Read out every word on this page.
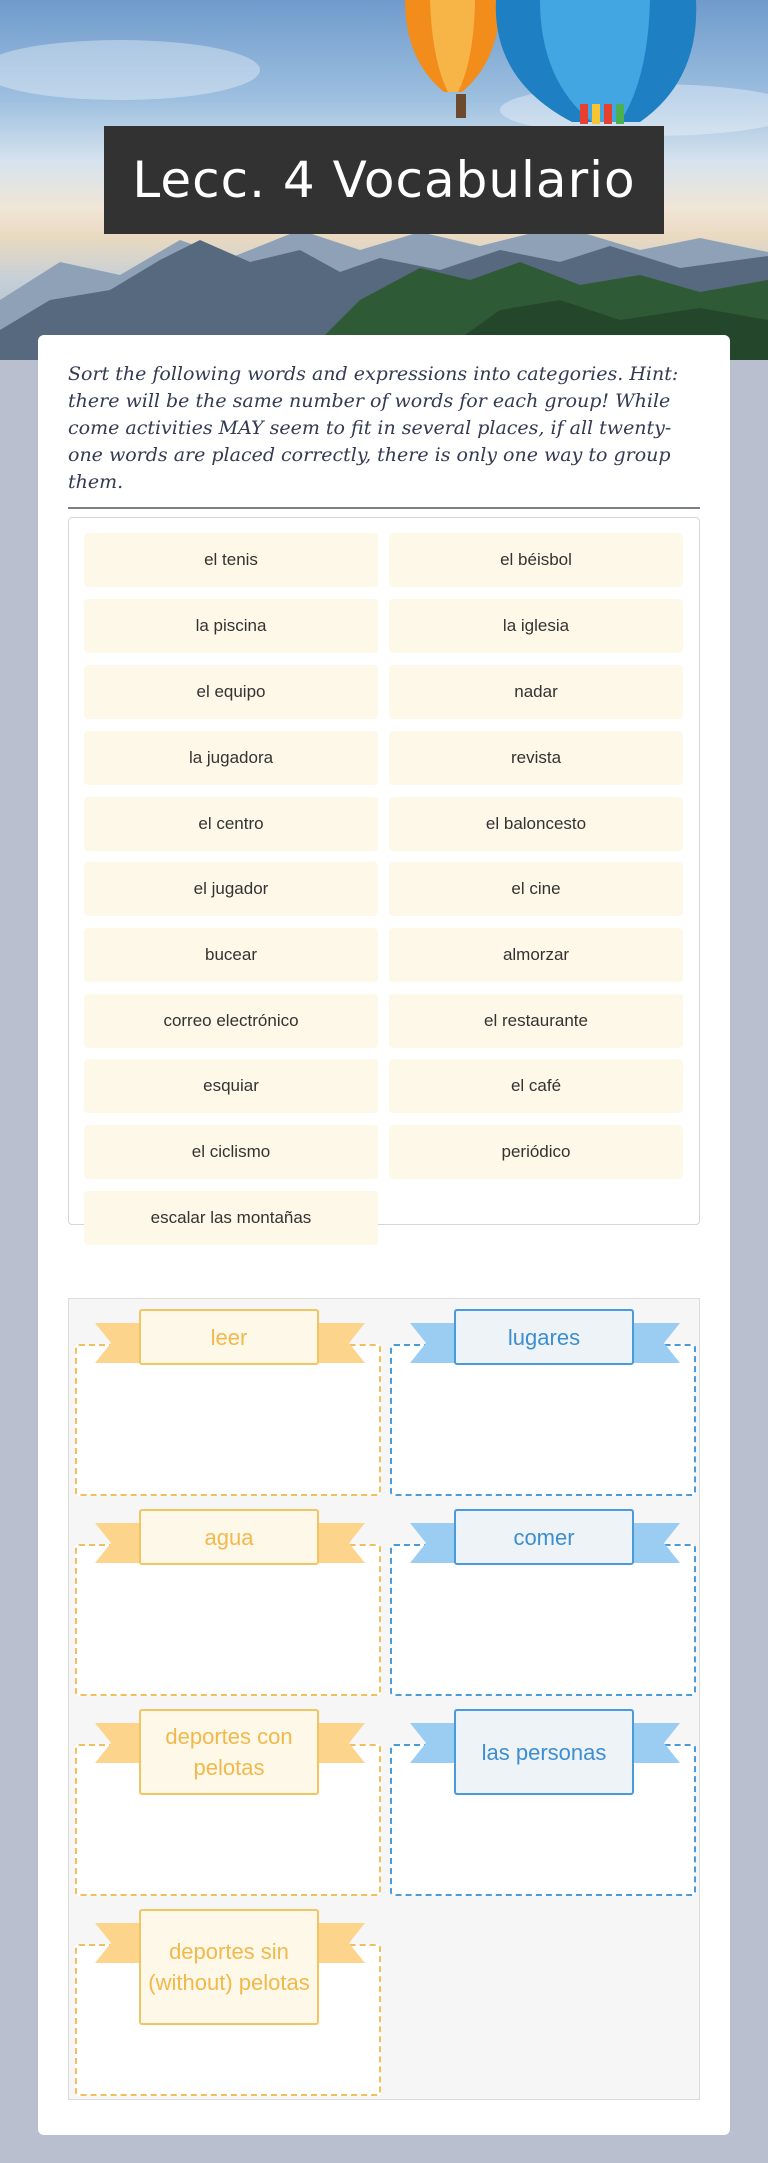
Lecc. 4 Vocabulario
Sort the following words and expressions into categories. Hint: there will be the same number of words for each group! While come activities MAY seem to fit in several places, if all twenty-one words are placed correctly, there is only one way to group them.
el tenis	el béisbol
la piscina	la iglesia
el equipo	nadar
la jugadora	revista
el centro	el baloncesto
el jugador	el cine
bucear	almorzar
correo electrónico	el restaurante
esquiar	el café
el ciclismo	periódico
escalar las montañas
leer	lugares
agua	comer
deportes con pelotas
las personas
deportes sin (without) pelotas
